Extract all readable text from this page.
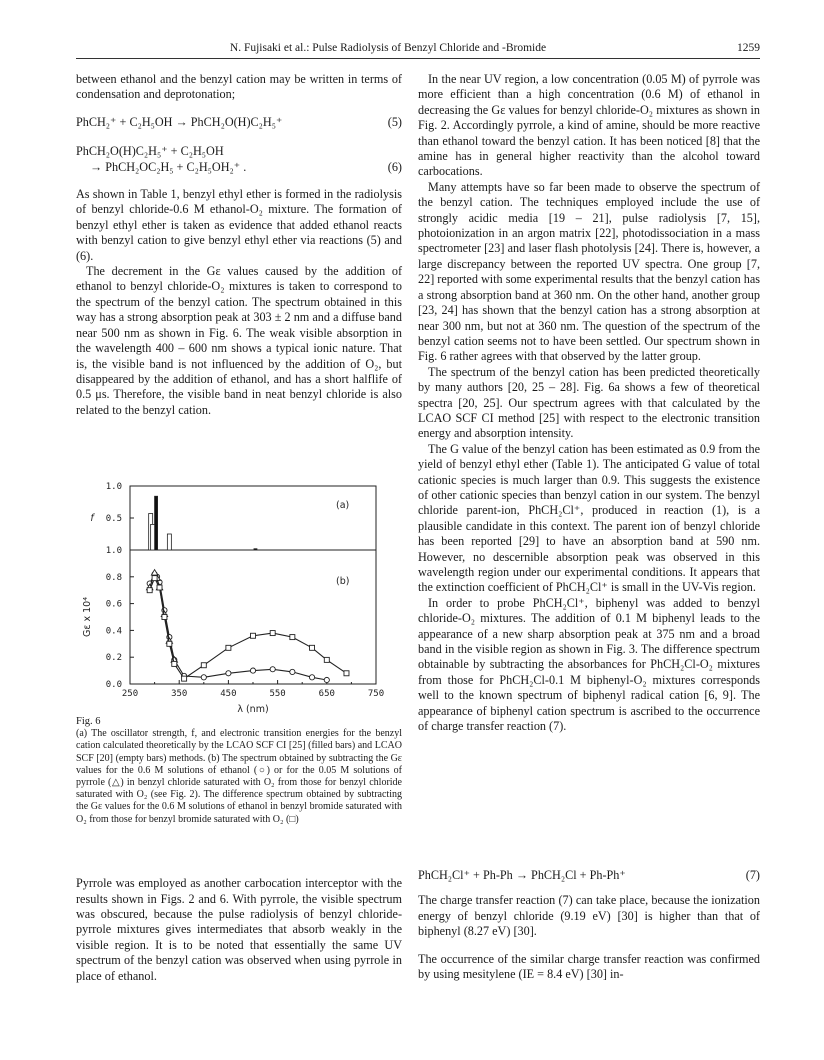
N. Fujisaki et al.: Pulse Radiolysis of Benzyl Chloride and -Bromide	1259

between ethanol and the benzyl cation may be written in terms of condensation and deprotonation;

PhCH₂⁺ + C₂H₅OH → PhCH₂O(H)C₂H₅⁺	(5)
PhCH₂O(H)C₂H₅⁺ + C₂H₅OH
→ PhCH₂OC₂H₅ + C₂H₅OH₂⁺ .	(6)

As shown in Table 1, benzyl ethyl ether is formed in the radiolysis of benzyl chloride-0.6 M ethanol-O₂ mixture. The formation of benzyl ethyl ether is taken as evidence that added ethanol reacts with benzyl cation to give benzyl ethyl ether via reactions (5) and (6).

The decrement in the Gε values caused by the addition of ethanol to benzyl chloride-O₂ mixtures is taken to correspond to the spectrum of the benzyl cation. The spectrum obtained in this way has a strong absorption peak at 303 ± 2 nm and a diffuse band near 500 nm as shown in Fig. 6. The weak visible absorption in the wavelength 400 – 600 nm shows a typical ionic nature. That is, the visible band is not influenced by the addition of O₂, but disappeared by the addition of ethanol, and has a short halflife of 0.5 μs. Therefore, the visible band in neat benzyl chloride is also related to the benzyl cation.

0.5
1.0
f
(a)
0.0
0.2
0.4
0.6
0.8
1.0
250	350	450	550	650	750
λ (nm)
Gε x 10⁴
(b)
Fig. 6
(a) The oscillator strength, f, and electronic transition energies for the benzyl cation calculated theoretically by the LCAO SCF CI [25] (filled bars) and LCAO SCF [20] (empty bars) methods. (b) The spectrum obtained by subtracting the Gε values for the 0.6 M solutions of ethanol (○) or for the 0.05 M solutions of pyrrole (△) in benzyl chloride saturated with O₂ from those for benzyl chloride saturated with O₂ (see Fig. 2). The difference spectrum obtained by subtracting the Gε values for the 0.6 M solutions of ethanol in benzyl bromide saturated with O₂ from those for benzyl bromide saturated with O₂ (□)

Pyrrole was employed as another carbocation interceptor with the results shown in Figs. 2 and 6. With pyrrole, the visible spectrum was obscured, because the pulse radiolysis of benzyl chloride-pyrrole mixtures gives intermediates that absorb weakly in the visible region. It is to be noted that essentially the same UV spectrum of the benzyl cation was observed when using pyrrole in place of ethanol.

In the near UV region, a low concentration (0.05 M) of pyrrole was more efficient than a high concentration (0.6 M) of ethanol in decreasing the Gε values for benzyl chloride-O₂ mixtures as shown in Fig. 2. Accordingly pyrrole, a kind of amine, should be more reactive than ethanol toward the benzyl cation. It has been noticed [8] that the amine has in general higher reactivity than the alcohol toward carbocations.

Many attempts have so far been made to observe the spectrum of the benzyl cation. The techniques employed include the use of strongly acidic media [19 – 21], pulse radiolysis [7, 15], photoionization in an argon matrix [22], photodissociation in a mass spectrometer [23] and laser flash photolysis [24]. There is, however, a large discrepancy between the reported UV spectra. One group [7, 22] reported with some experimental results that the benzyl cation has a strong absorption band at 360 nm. On the other hand, another group [23, 24] has shown that the benzyl cation has a strong absorption at near 300 nm, but not at 360 nm. The question of the spectrum of the benzyl cation seems not to have been settled. Our spectrum shown in Fig. 6 rather agrees with that observed by the latter group.

The spectrum of the benzyl cation has been predicted theoretically by many authors [20, 25 – 28]. Fig. 6a shows a few of theoretical spectra [20, 25]. Our spectrum agrees with that calculated by the LCAO SCF CI method [25] with respect to the electronic transition energy and absorption intensity.

The G value of the benzyl cation has been estimated as 0.9 from the yield of benzyl ethyl ether (Table 1). The anticipated G value of total cationic species is much larger than 0.9. This suggests the existence of other cationic species than benzyl cation in our system. The benzyl chloride parent-ion, PhCH₂Cl⁺, produced in reaction (1), is a plausible candidate in this context. The parent ion of benzyl chloride has been reported [29] to have an absorption band at 590 nm. However, no descernible absorption peak was observed in this wavelength region under our experimental conditions. It appears that the extinction coefficient of PhCH₂Cl⁺ is small in the UV-Vis region.

In order to probe PhCH₂Cl⁺, biphenyl was added to benzyl chloride-O₂ mixtures. The addition of 0.1 M biphenyl leads to the appearance of a new sharp absorption peak at 375 nm and a broad band in the visible region as shown in Fig. 3. The difference spectrum obtainable by subtracting the absorbances for PhCH₂Cl-O₂ mixtures from those for PhCH₂Cl-0.1 M biphenyl-O₂ mixtures corresponds well to the known spectrum of biphenyl radical cation [6, 9]. The appearance of biphenyl cation spectrum is ascribed to the occurrence of charge transfer reaction (7).

PhCH₂Cl⁺ + Ph-Ph → PhCH₂Cl + Ph-Ph⁺	(7)

The charge transfer reaction (7) can take place, because the ionization energy of benzyl chloride (9.19 eV) [30] is higher than that of biphenyl (8.27 eV) [30].

The occurrence of the similar charge transfer reaction was confirmed by using mesitylene (IE = 8.4 eV) [30] in-
